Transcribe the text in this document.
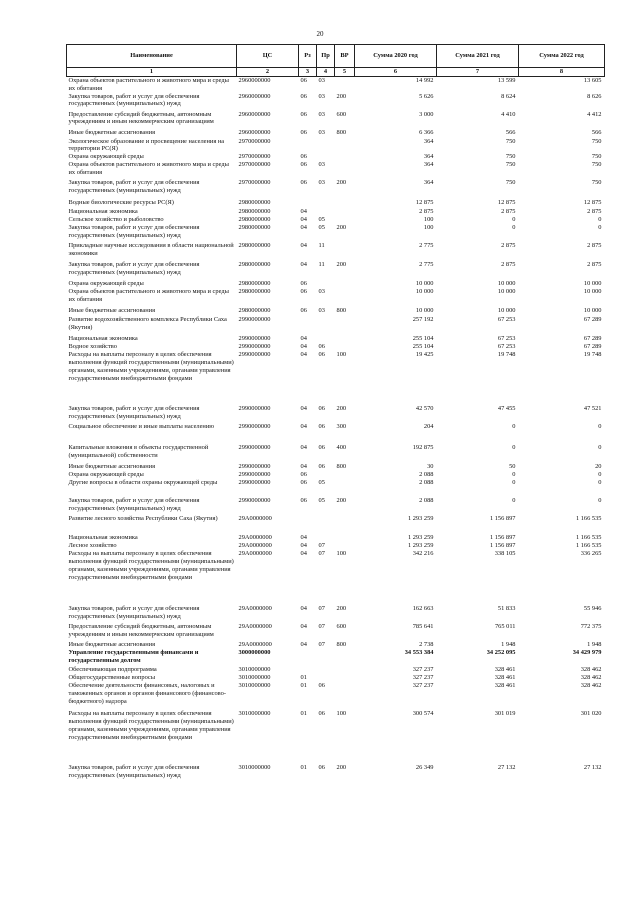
20
Наименование	ЦС	Рз	Пр	ВР	Сумма 2020 год	Сумма 2021 год	Сумма 2022 год
1	2	3	4	5	6	7	8
Охрана объектов растительного и животного мира и среды их обитания	2960000000	06	03		14 992	13 599	13 605
Закупка товаров, работ и услуг для обеспечения государственных (муниципальных) нужд	2960000000	06	03	200	5 626	8 624	8 626
Предоставление субсидий бюджетным, автономным учреждениям и иным некоммерческим организациям	2960000000	06	03	600	3 000	4 410	4 412
Иные бюджетные ассигнования	2960000000	06	03	800	6 366	566	566
Экологическое образование и просвещение населения на территории РС(Я)	2970000000				364	750	750
Охрана окружающей среды	2970000000	06			364	750	750
Охрана объектов растительного и животного мира и среды их обитания	2970000000	06	03		364	750	750
Закупка товаров, работ и услуг для обеспечения государственных (муниципальных) нужд	2970000000	06	03	200	364	750	750
Водные биологические ресурсы РС(Я)	2980000000				12 875	12 875	12 875
Национальная экономика	2980000000	04			2 875	2 875	2 875
Сельское хозяйство и рыболовство	2980000000	04	05		100	0	0
Закупка товаров, работ и услуг для обеспечения государственных (муниципальных) нужд	2980000000	04	05	200	100	0	0
Прикладные научные исследования в области национальной экономики	2980000000	04	11		2 775	2 875	2 875
Закупка товаров, работ и услуг для обеспечения государственных (муниципальных) нужд	2980000000	04	11	200	2 775	2 875	2 875
Охрана окружающей среды	2980000000	06			10 000	10 000	10 000
Охрана объектов растительного и животного мира и среды их обитания	2980000000	06	03		10 000	10 000	10 000
Иные бюджетные ассигнования	2980000000	06	03	800	10 000	10 000	10 000
Развитие водохозяйственного комплекса Республики Саха (Якутия)	2990000000				257 192	67 253	67 289
Национальная экономика	2990000000	04			255 104	67 253	67 289
Водное хозяйство	2990000000	04	06		255 104	67 253	67 289
Расходы на выплаты персоналу в целях обеспечения выполнения функций государственными (муниципальными) органами, казенными учреждениями, органами управления государственными внебюджетными фондами	2990000000	04	06	100	19 425	19 748	19 748
Закупка товаров, работ и услуг для обеспечения государственных (муниципальных) нужд	2990000000	04	06	200	42 570	47 455	47 521
Социальное обеспечение и иные выплаты населению	2990000000	04	06	300	204	0	0
Капитальные вложения в объекты государственной (муниципальной) собственности	2990000000	04	06	400	192 875	0	0
Иные бюджетные ассигнования	2990000000	04	06	800	30	50	20
Охрана окружающей среды	2990000000	06			2 088	0	0
Другие вопросы в области охраны окружающей среды	2990000000	06	05		2 088	0	0
Закупка товаров, работ и услуг для обеспечения государственных (муниципальных) нужд	2990000000	06	05	200	2 088	0	0
Развитие лесного хозяйства Республики Саха (Якутия)	29А0000000				1 293 259	1 156 897	1 166 535
Национальная экономика	29А0000000	04			1 293 259	1 156 897	1 166 535
Лесное хозяйство	29А0000000	04	07		1 293 259	1 156 897	1 166 535
Расходы на выплаты персоналу в целях обеспечения выполнения функций государственными (муниципальными) органами, казенными учреждениями, органами управления государственными внебюджетными фондами	29А0000000	04	07	100	342 216	338 105	336 265
Закупка товаров, работ и услуг для обеспечения государственных (муниципальных) нужд	29А0000000	04	07	200	162 663	51 833	55 946
Предоставление субсидий бюджетным, автономным учреждениям и иным некоммерческим организациям	29А0000000	04	07	600	785 641	765 011	772 375
Иные бюджетные ассигнования	29А0000000	04	07	800	2 738	1 948	1 948
Управление государственными финансами и государственным долгом	3000000000				34 553 384	34 252 095	34 429 979
Обеспечивающая подпрограмма	3010000000				327 237	328 461	328 462
Общегосударственные вопросы	3010000000	01			327 237	328 461	328 462
Обеспечение деятельности финансовых, налоговых и таможенных органов и органов финансового (финансово-бюджетного) надзора	3010000000	01	06		327 237	328 461	328 462
Расходы на выплаты персоналу в целях обеспечения выполнения функций государственными (муниципальными) органами, казенными учреждениями, органами управления государственными внебюджетными фондами	3010000000	01	06	100	300 574	301 019	301 020
Закупка товаров, работ и услуг для обеспечения государственных (муниципальных) нужд	3010000000	01	06	200	26 349	27 132	27 132
